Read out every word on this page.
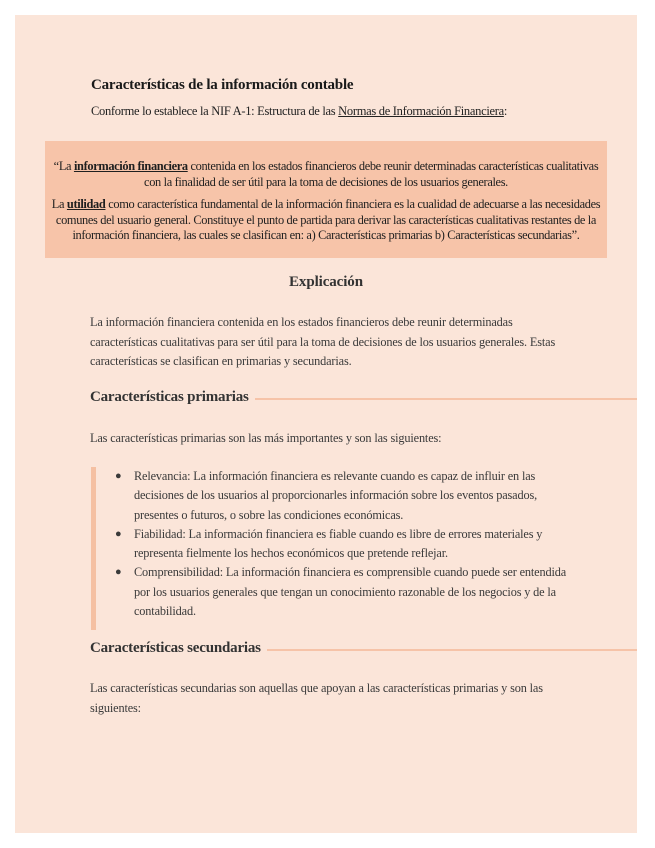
Características de la información contable

Conforme lo establece la NIF A-1: Estructura de las Normas de Información Financiera:

“La información financiera contenida en los estados financieros debe reunir determinadas características cualitativas con la finalidad de ser útil para la toma de decisiones de los usuarios generales.

La utilidad como característica fundamental de la información financiera es la cualidad de adecuarse a las necesidades comunes del usuario general. Constituye el punto de partida para derivar las características cualitativas restantes de la información financiera, las cuales se clasifican en: a) Características primarias b) Características secundarias”.

Explicación
La información financiera contenida en los estados financieros debe reunir determinadas características cualitativas para ser útil para la toma de decisiones de los usuarios generales. Estas características se clasifican en primarias y secundarias.
Características primarias
Las características primarias son las más importantes y son las siguientes:
● Relevancia: La información financiera es relevante cuando es capaz de influir en las decisiones de los usuarios al proporcionarles información sobre los eventos pasados, presentes o futuros, o sobre las condiciones económicas.
● Fiabilidad: La información financiera es fiable cuando es libre de errores materiales y representa fielmente los hechos económicos que pretende reflejar.
● Comprensibilidad: La información financiera es comprensible cuando puede ser entendida por los usuarios generales que tengan un conocimiento razonable de los negocios y de la contabilidad.
Características secundarias
Las características secundarias son aquellas que apoyan a las características primarias y son las siguientes:
